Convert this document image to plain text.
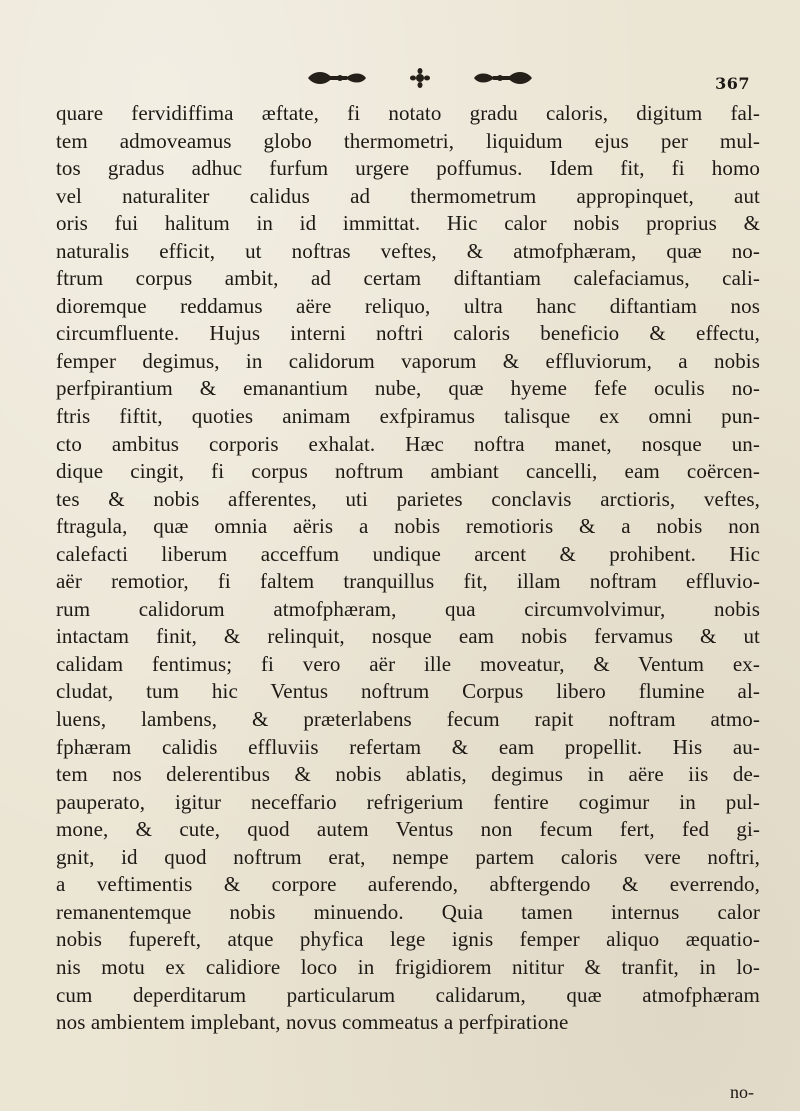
367
quare fervidiffima æftate, fi notato gradu caloris, digitum fal-
tem admoveamus globo thermometri, liquidum ejus per mul-
tos gradus adhuc furfum urgere poffumus. Idem fit, fi homo
vel naturaliter calidus ad thermometrum appropinquet, aut
oris fui halitum in id immittat. Hic calor nobis proprius &
naturalis efficit, ut noftras veftes, & atmofphæram, quæ no-
ftrum corpus ambit, ad certam diftantiam calefaciamus, cali-
dioremque reddamus aëre reliquo, ultra hanc diftantiam nos
circumfluente. Hujus interni noftri caloris beneficio & effectu,
femper degimus, in calidorum vaporum & effluviorum, a nobis
perfpirantium & emanantium nube, quæ hyeme fefe oculis no-
ftris fiftit, quoties animam exfpiramus talisque ex omni pun-
cto ambitus corporis exhalat. Hæc noftra manet, nosque un-
dique cingit, fi corpus noftrum ambiant cancelli, eam coërcen-
tes & nobis afferentes, uti parietes conclavis arctioris, veftes,
ftragula, quæ omnia aëris a nobis remotioris & a nobis non
calefacti liberum acceffum undique arcent & prohibent. Hic
aër remotior, fi faltem tranquillus fit, illam noftram effluvio-
rum calidorum atmofphæram, qua circumvolvimur, nobis
intactam finit, & relinquit, nosque eam nobis fervamus & ut
calidam fentimus; fi vero aër ille moveatur, & Ventum ex-
cludat, tum hic Ventus noftrum Corpus libero flumine al-
luens, lambens, & præterlabens fecum rapit noftram atmo-
fphæram calidis effluviis refertam & eam propellit. His au-
tem nos delerentibus & nobis ablatis, degimus in aëre iis de-
pauperato, igitur neceffario refrigerium fentire cogimur in pul-
mone, & cute, quod autem Ventus non fecum fert, fed gi-
gnit, id quod noftrum erat, nempe partem caloris vere noftri,
a veftimentis & corpore auferendo, abftergendo & everrendo,
remanentemque nobis minuendo. Quia tamen internus calor
nobis fupereft, atque phyfica lege ignis femper aliquo æquatio-
nis motu ex calidiore loco in frigidiorem nititur & tranfit, in lo-
cum deperditarum particularum calidarum, quæ atmofphæram
nos ambientem implebant, novus commeatus a perfpiratione
no-
